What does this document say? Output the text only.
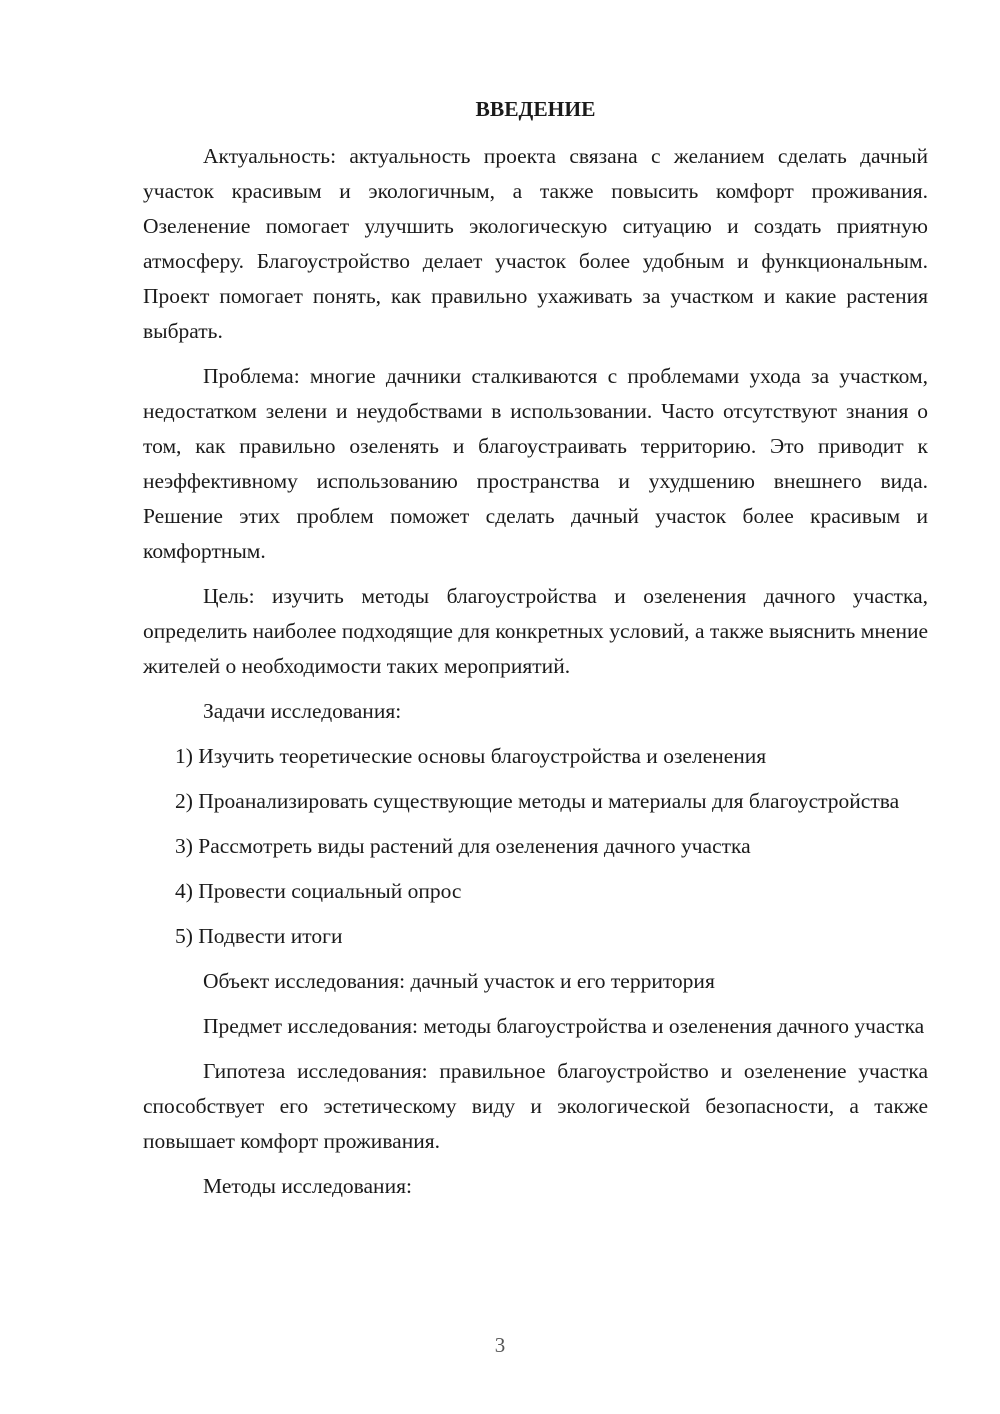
ВВЕДЕНИЕ

Актуальность: актуальность проекта связана с желанием сделать дачный участок красивым и экологичным, а также повысить комфорт проживания. Озеленение помогает улучшить экологическую ситуацию и создать приятную атмосферу. Благоустройство делает участок более удобным и функциональным. Проект помогает понять, как правильно ухаживать за участком и какие растения выбрать.

Проблема: многие дачники сталкиваются с проблемами ухода за участком, недостатком зелени и неудобствами в использовании. Часто отсутствуют знания о том, как правильно озеленять и благоустраивать территорию. Это приводит к неэффективному использованию пространства и ухудшению внешнего вида. Решение этих проблем поможет сделать дачный участок более красивым и комфортным.

Цель: изучить методы благоустройства и озеленения дачного участка, определить наиболее подходящие для конкретных условий, а также выяснить мнение жителей о необходимости таких мероприятий.

Задачи исследования:

1) Изучить теоретические основы благоустройства и озеленения

2) Проанализировать существующие методы и материалы для благоустройства

3) Рассмотреть виды растений для озеленения дачного участка

4) Провести социальный опрос

5) Подвести итоги

Объект исследования: дачный участок и его территория

Предмет исследования: методы благоустройства и озеленения дачного участка

Гипотеза исследования: правильное благоустройство и озеленение участка способствует его эстетическому виду и экологической безопасности, а также повышает комфорт проживания.

Методы исследования:

3
